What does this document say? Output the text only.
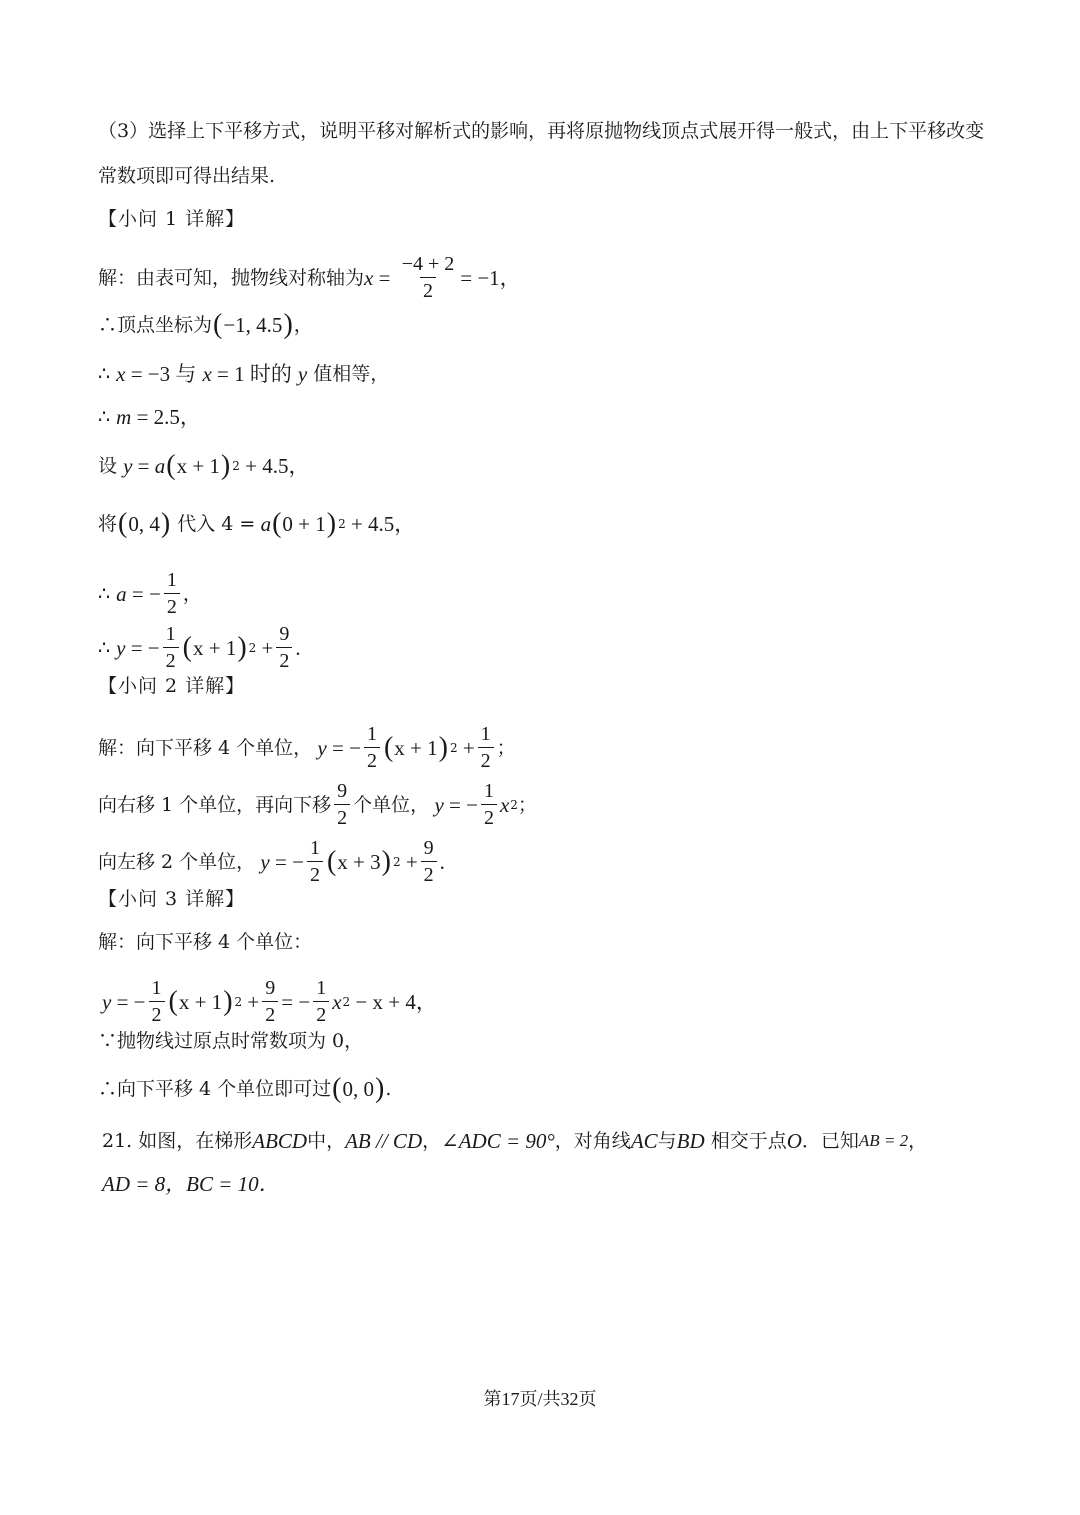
（3）选择上下平移方式，说明平移对解析式的影响，再将原抛物线顶点式展开得一般式，由上下平移改变
常数项即可得出结果.
【小问 1 详解】
解：由表可知，抛物线对称轴为 $x = \frac{-4 + 2}{2} = -1$，
∴顶点坐标为 ( −1, 4.5 ) ，
∴
x
= −3 与
x
= 1 时的
y
值相等，
∴ m
= 2.5，
设
y
=
a ( x + 1 ) 2
+ 4.5，
将 ( 0, 4 )
代入 4 =
a ( 0 + 1 ) 2
+ 4.5，
∴ a
= − $\frac{1}{2}$ ，
∴ y
= − $\frac{1}{2}$ ( x + 1 ) 2
+ $\frac{9}{2}$ .
【小问 2 详解】
解：向下平移 4 个单位，
y
= − $\frac{1}{2}$ ( x + 1 ) 2
+ $\frac{1}{2}$ ；
向右移 1 个单位，再向下移 $\frac{9}{2}$ 个单位，
y
= − $\frac{1}{2}$ x 2 ；
向左移 2 个单位，
y
= − $\frac{1}{2}$ ( x + 3 ) 2
+ $\frac{9}{2}$ .
【小问 3 详解】
解：向下平移 4 个单位：
y
= − $\frac{1}{2}$ ( x + 1 ) 2
+ $\frac{9}{2}$ = − $\frac{1}{2}$ x 2
− x + 4，
∵抛物线过原点时常数项为 0，
∴向下平移 4 个单位即可过 ( 0, 0 ) .
21. 如图，在梯形 ABCD 中， AB // CD ， ∠ADC = 90° ，对角线 AC 与 BD
相交于点 O ．已知 AB = 2 ，
AD = 8，BC = 10．
第17页/共32页
